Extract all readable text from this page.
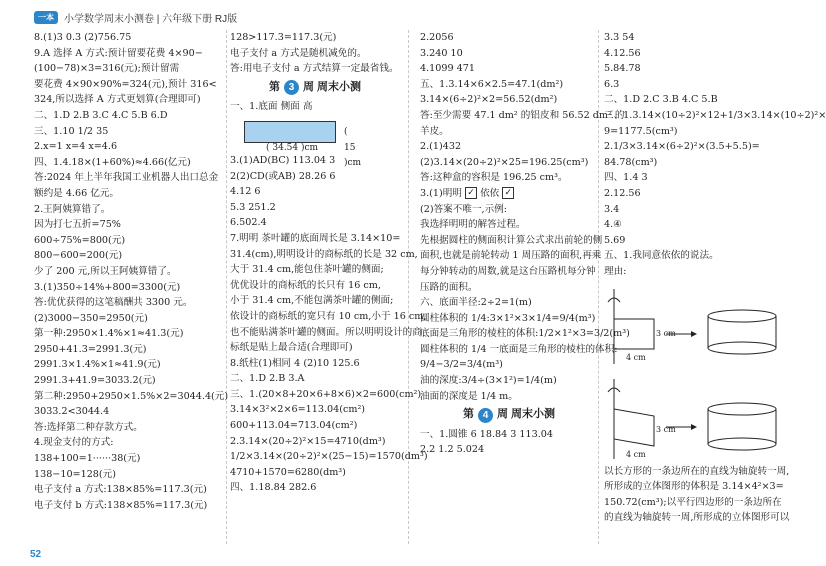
一本	小学数学周末小测卷 | 六年级下册 RJ版

8.(1)3 0.3 (2)756.75

9.A 选择 A 方式:预计留要花费 4×90−

(100−78)×3=316(元);预计留需

要花费 4×90×90%=324(元),预计 316<

324,所以选择 A 方式更划算(合理即可)

二、1.D 2.B 3.C 4.C 5.B 6.D

三、1.10 1/2 35

2.x=1 x=4 x=4.6

四、1.4.18×(1+60%)≈4.66(亿元)

答:2024 年上半年我国工业机器人出口总金

额约是 4.66 亿元。

2.王阿姨算错了。

因为打七五折=75%

600÷75%=800(元)

800−600=200(元)

少了 200 元,所以王阿姨算错了。

3.(1)350÷14%+800=3300(元)

答:优优获得的这笔稿酬共 3300 元。

(2)3000−350=2950(元)

第一种:2950×1.4%×1≈41.3(元)

2950+41.3=2991.3(元)

2991.3×1.4%×1≈41.9(元)

2991.3+41.9=3033.2(元)

第二种:2950+2950×1.5%×2=3044.4(元)

3033.2<3044.4

答:选择第二种存款方式。

4.现金支付的方式:

138+100=1······38(元)

138−10=128(元)

电子支付 a 方式:138×85%=117.3(元)

电子支付 b 方式:138×85%=117.3(元)

128>117.3=117.3(元)

电子支付 a 方式是随机减免的。

答:用电子支付 a 方式结算一定最省钱。

第 3 周 周末小测

一、1.底面 侧面 高

( 15 )cm
( 34.54 )cm

3.(1)AD(BC) 113.04 3

2(2)CD(或AB) 28.26 6

4.12 6

5.3 251.2

6.502.4

7.明明 茶叶罐的底面周长是 3.14×10=

31.4(cm),明明设计的商标纸的长是 32 cm,

大于 31.4 cm,能包住茶叶罐的侧面;

优优设计的商标纸的长只有 16 cm,

小于 31.4 cm,不能包满茶叶罐的侧面;

依设计的商标纸的宽只有 10 cm,小于 16 cm,

也不能贴满茶叶罐的侧面。所以明明设计的商

标纸是贴上最合适(合理即可)

8.纸柱(1)相同 4 (2)10 125.6

二、1.D 2.B 3.A

三、1.(20×8+20×6+8×6)×2=600(cm²)

3.14×3²×2×6=113.04(cm²)

600+113.04=713.04(cm²)

2.3.14×(20÷2)²×15=4710(dm³)

1/2×3.14×(20÷2)²×(25−15)=1570(dm³)

4710+1570=6280(dm³)

四、1.18.84 282.6

2.2056

3.240 10

4.1099 471

五、1.3.14×6×2.5=47.1(dm²)

3.14×(6÷2)²×2=56.52(dm²)

答:至少需要 47.1 dm² 的铝皮和 56.52 dm² 的

羊皮。

2.(1)432

(2)3.14×(20÷2)²×25=196.25(cm³)

答:这种盒的容积是 196.25 cm³。

3.(1)明明 ✓ 依依 ✓

(2)答案不唯一,示例:

我选择明明的解答过程。

先根据圆柱的侧面积计算公式求出前轮的侧

面积,也就是前轮转动 1 周压路的面积,再乘

每分钟转动的周数,就是这台压路机每分钟

压路的面积。

六、底面半径:2÷2=1(m)

圆柱体积的 1/4:3×1²×3×1/4=9/4(m³)

底面是三角形的棱柱的体积:1/2×1²×3=3/2(m³)

圆柱体积的 1/4 一底面是三角形的棱柱的体积:

9/4−3/2=3/4(m³)

油的深度:3/4÷(3×1²)=1/4(m)

油面的深度是 1/4 m。

第 4 周 周末小测

一、1.圆锥 6 18.84 3 113.04

2.2 1.2 5.024

3.3 54

4.12.56

5.84.78

6.3

二、1.D 2.C 3.B 4.C 5.B

三、1.3.14×(10÷2)²×12+1/3×3.14×(10÷2)²×

9=1177.5(cm³)

2.1/3×3.14×(6÷2)²×(3.5+5.5)=

84.78(cm³)

四、1.4 3

2.12.56

3.4

4.④

5.69

五、1.我同意依依的说法。

理由:

3 cm
4 cm
4 cm
3 cm

以长方形的一条边所在的直线为轴旋转一周,

所形成的立体图形的体积是 3.14×4²×3=

150.72(cm³);以平行四边形的一条边所在

的直线为轴旋转一周,所形成的立体图形可以

52
